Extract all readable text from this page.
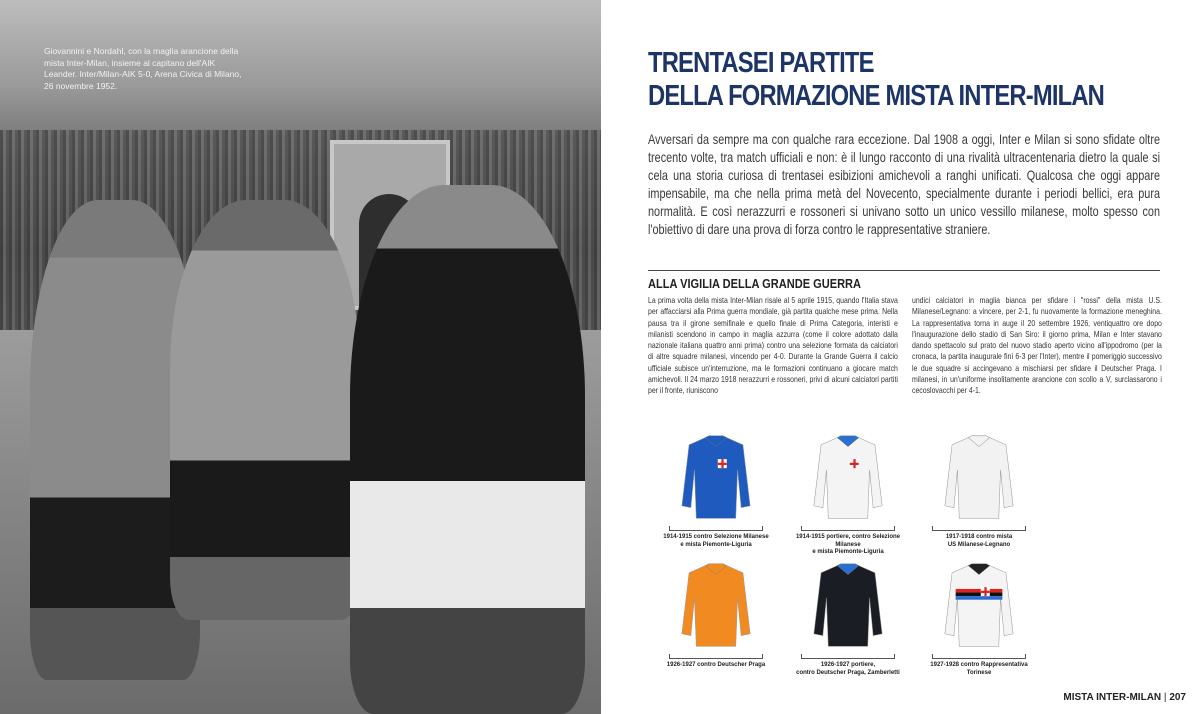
Giovannini e Nordahl, con la maglia arancione della mista Inter-Milan, insieme al capitano dell'AIK Leander. Inter/Milan-AIK 5-0, Arena Civica di Milano, 26 novembre 1952.
TRENTASEI PARTITE
DELLA FORMAZIONE MISTA INTER-MILAN

Avversari da sempre ma con qualche rara eccezione. Dal 1908 a oggi, Inter e Milan si sono sfidate oltre trecento volte, tra match ufficiali e non: è il lungo racconto di una rivalità ultracentenaria dietro la quale si cela una storia curiosa di trentasei esibizioni amichevoli a ranghi unificati. Qualcosa che oggi appare impensabile, ma che nella prima metà del Novecento, specialmente durante i periodi bellici, era pura normalità. E così nerazzurri e rossoneri si univano sotto un unico vessillo milanese, molto spesso con l'obiettivo di dare una prova di forza contro le rappresentative straniere.

ALLA VIGILIA DELLA GRANDE GUERRA

La prima volta della mista Inter-Milan risale al 5 aprile 1915, quando l'Italia stava per affacciarsi alla Prima guerra mondiale, già partita qualche mese prima. Nella pausa tra il girone semifinale e quello finale di Prima Categoria, interisti e milanisti scendono in campo in maglia azzurra (come il colore adottato dalla nazionale italiana quattro anni prima) contro una selezione formata da calciatori di altre squadre milanesi, vincendo per 4-0. Durante la Grande Guerra il calcio ufficiale subisce un'interruzione, ma le formazioni continuano a giocare match amichevoli. Il 24 marzo 1918 nerazzurri e rossoneri, privi di alcuni calciatori partiti per il fronte, riuniscono

undici calciatori in maglia bianca per sfidare i "rossi" della mista U.S. Milanese/Legnano: a vincere, per 2-1, fu nuovamente la formazione meneghina. La rappresentativa torna in auge il 20 settembre 1926, ventiquattro ore dopo l'inaugurazione dello stadio di San Siro: il giorno prima, Milan e Inter stavano dando spettacolo sul prato del nuovo stadio aperto vicino all'ippodromo (per la cronaca, la partita inaugurale finì 6-3 per l'Inter), mentre il pomeriggio successivo le due squadre si accingevano a mischiarsi per sfidare il Deutscher Praga. I milanesi, in un'uniforme insolitamente arancione con scollo a V, surclassarono i cecoslovacchi per 4-1.

1914-1915 contro Selezione Milanese
e mista Piemonte-Liguria
1914-1915 portiere, contro Selezione Milanese
e mista Piemonte-Liguria
1917-1918 contro mista
US Milanese-Legnano
1926-1927 contro Deutscher Praga	1926-1927 portiere,
contro Deutscher Praga, Zamberletti
1927-1928 contro Rappresentativa Torinese
MISTA INTER-MILAN | 207
